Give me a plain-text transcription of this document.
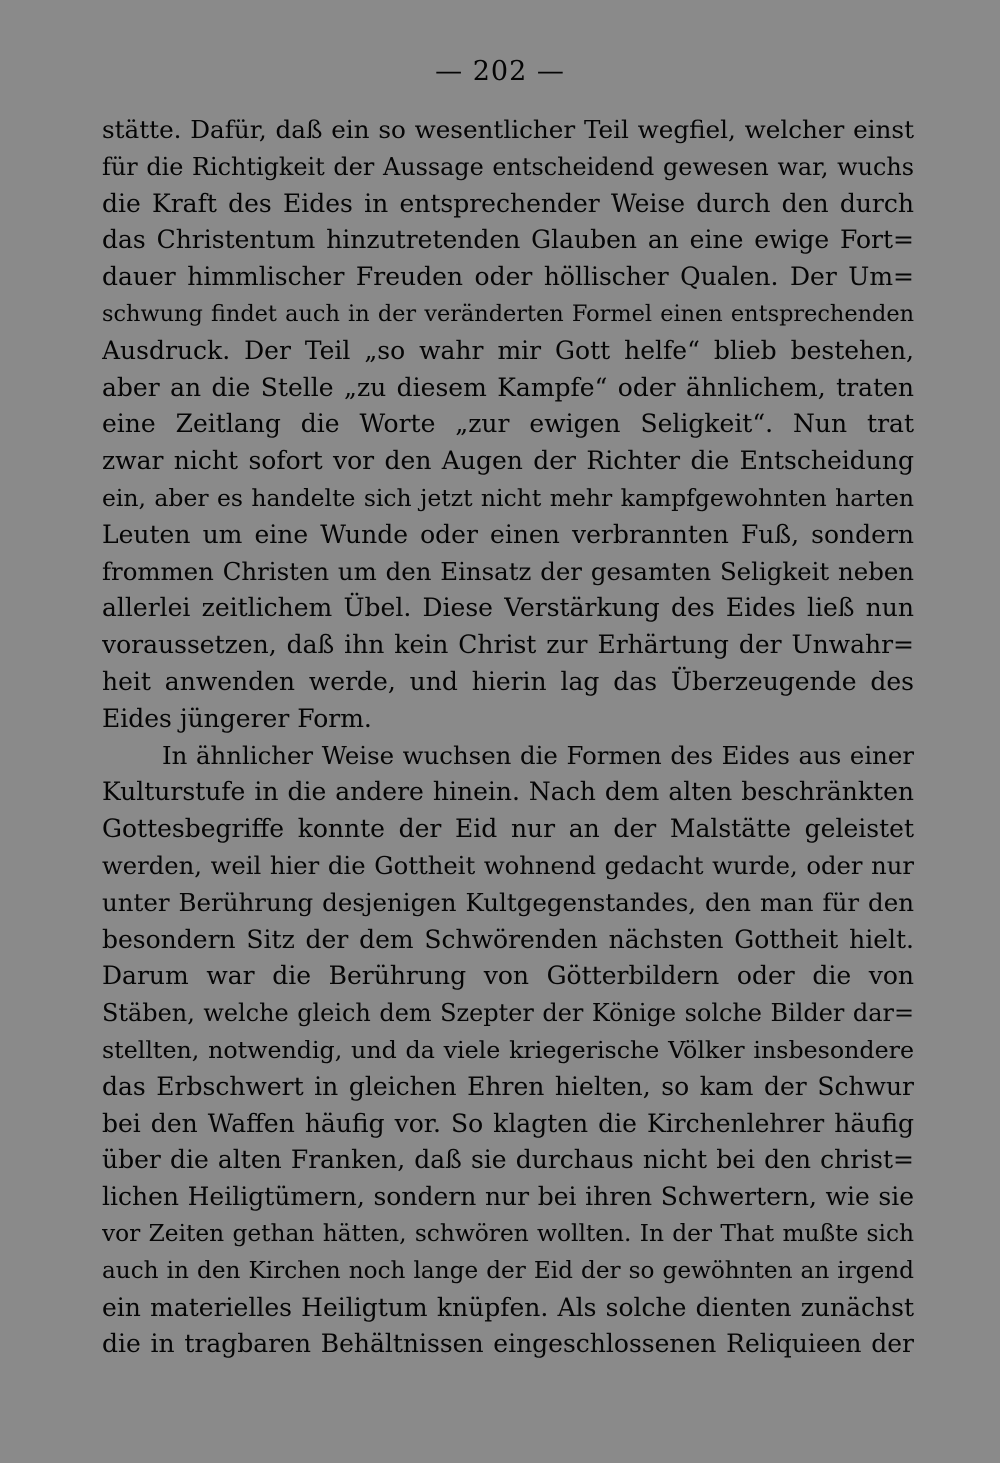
— 202 —
stätte. Dafür, daß ein so wesentlicher Teil wegfiel, welcher einst
für die Richtigkeit der Aussage entscheidend gewesen war, wuchs
die Kraft des Eides in entsprechender Weise durch den durch
das Christentum hinzutretenden Glauben an eine ewige Fort=
dauer himmlischer Freuden oder höllischer Qualen. Der Um=
schwung findet auch in der veränderten Formel einen entsprechenden
Ausdruck. Der Teil „so wahr mir Gott helfe“ blieb bestehen,
aber an die Stelle „zu diesem Kampfe“ oder ähnlichem, traten
eine Zeitlang die Worte „zur ewigen Seligkeit“. Nun trat
zwar nicht sofort vor den Augen der Richter die Entscheidung
ein, aber es handelte sich jetzt nicht mehr kampfgewohnten harten
Leuten um eine Wunde oder einen verbrannten Fuß, sondern
frommen Christen um den Einsatz der gesamten Seligkeit neben
allerlei zeitlichem Übel. Diese Verstärkung des Eides ließ nun
voraussetzen, daß ihn kein Christ zur Erhärtung der Unwahr=
heit anwenden werde, und hierin lag das Überzeugende des
Eides jüngerer Form.
In ähnlicher Weise wuchsen die Formen des Eides aus einer
Kulturstufe in die andere hinein. Nach dem alten beschränkten
Gottesbegriffe konnte der Eid nur an der Malstätte geleistet
werden, weil hier die Gottheit wohnend gedacht wurde, oder nur
unter Berührung desjenigen Kultgegenstandes, den man für den
besondern Sitz der dem Schwörenden nächsten Gottheit hielt.
Darum war die Berührung von Götterbildern oder die von
Stäben, welche gleich dem Szepter der Könige solche Bilder dar=
stellten, notwendig, und da viele kriegerische Völker insbesondere
das Erbschwert in gleichen Ehren hielten, so kam der Schwur
bei den Waffen häufig vor. So klagten die Kirchenlehrer häufig
über die alten Franken, daß sie durchaus nicht bei den christ=
lichen Heiligtümern, sondern nur bei ihren Schwertern, wie sie
vor Zeiten gethan hätten, schwören wollten. In der That mußte sich
auch in den Kirchen noch lange der Eid der so gewöhnten an irgend
ein materielles Heiligtum knüpfen. Als solche dienten zunächst
die in tragbaren Behältnissen eingeschlossenen Reliquieen der
